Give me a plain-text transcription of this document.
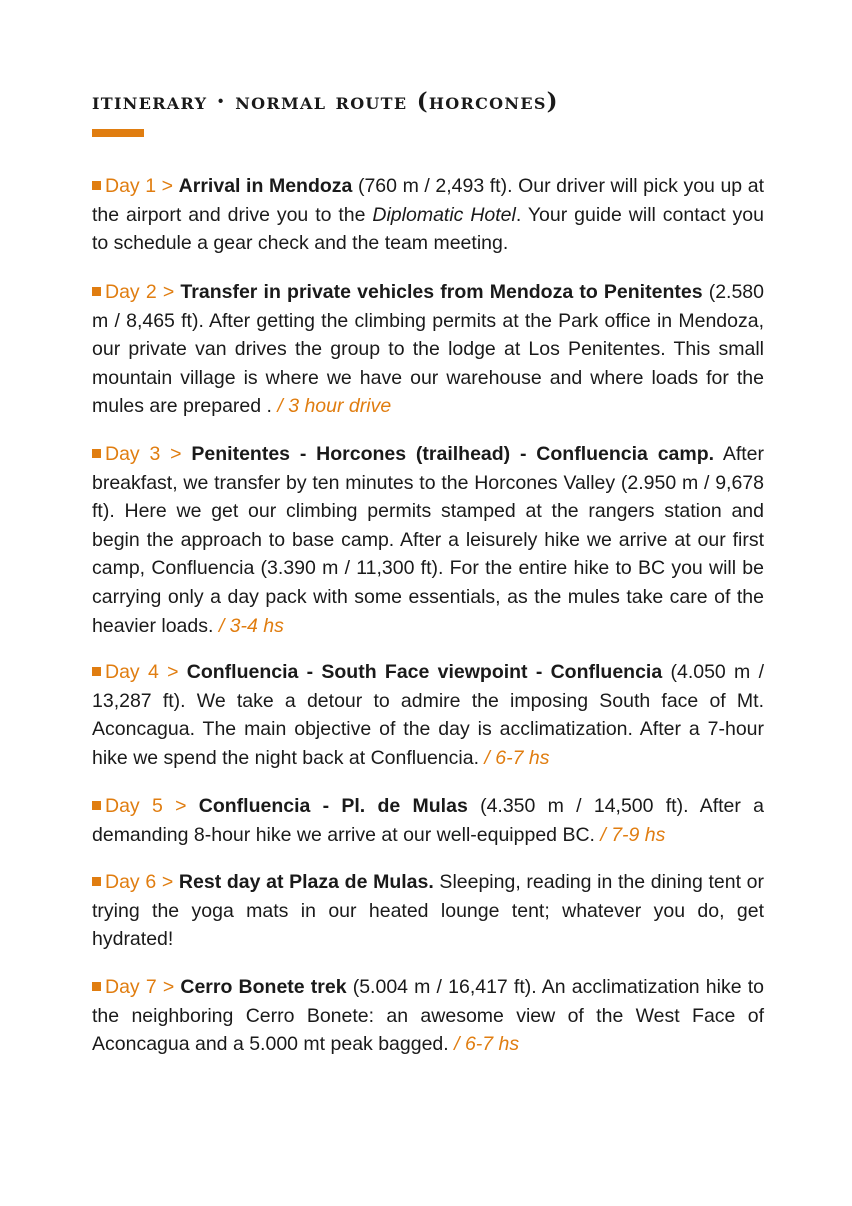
itinerary · normal route (horcones)

Day 1 > Arrival in Mendoza (760 m / 2,493 ft). Our driver will pick you up at the airport and drive you to the Diplomatic Hotel. Your guide will contact you to schedule a gear check and the team meeting.

Day 2 > Transfer in private vehicles from Mendoza to Penitentes (2.580 m / 8,465 ft). After getting the climbing permits at the Park office in Mendoza, our private van drives the group to the lodge at Los Penitentes. This small mountain village is where we have our warehouse and where loads for the mules are prepared . / 3 hour drive

Day 3 > Penitentes - Horcones (trailhead) - Confluencia camp. After breakfast, we transfer by ten minutes to the Horcones Valley (2.950 m / 9,678 ft). Here we get our climbing permits stamped at the rangers station and begin the approach to base camp. After a leisurely hike we arrive at our first camp, Confluencia (3.390 m / 11,300 ft). For the entire hike to BC you will be carrying only a day pack with some essentials, as the mules take care of the heavier loads. / 3-4 hs

Day 4 > Confluencia - South Face viewpoint - Confluencia (4.050 m / 13,287 ft). We take a detour to admire the imposing South face of Mt. Aconcagua. The main objective of the day is acclimatization. After a 7-hour hike we spend the night back at Confluencia. / 6-7 hs

Day 5 > Confluencia - Pl. de Mulas (4.350 m / 14,500 ft). After a demanding 8-hour hike we arrive at our well-equipped BC. / 7-9 hs

Day 6 > Rest day at Plaza de Mulas. Sleeping, reading in the dining tent or trying the yoga mats in our heated lounge tent; whatever you do, get hydrated!

Day 7 > Cerro Bonete trek (5.004 m / 16,417 ft). An acclimatization hike to the neighboring Cerro Bonete: an awesome view of the West Face of Aconcagua and a 5.000 mt peak bagged. / 6-7 hs
